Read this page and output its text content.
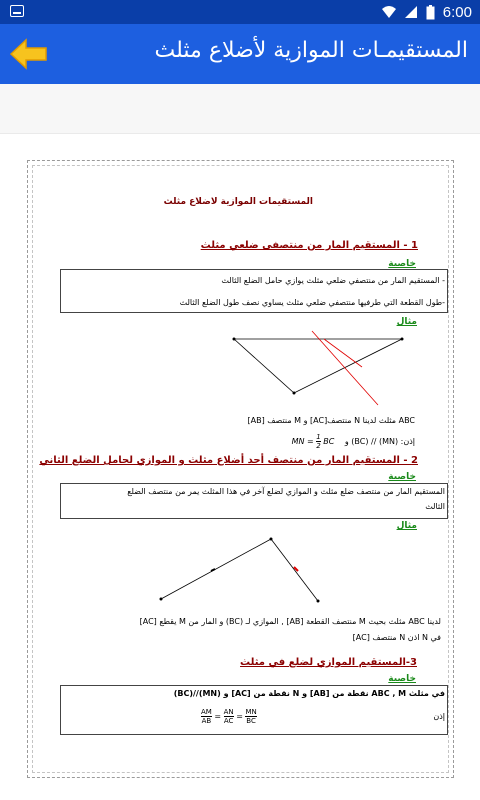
6:00
المستقيمـات الموازية لأضلاع مثلث
المستقيمات الموازية لاضلاع مثلث
1 - المستقيم المار من منتصفى ضلعي مثلث
خاصية
- المستقيم المار من منتصفي ضلعي مثلث يوازي حامل الضلع الثالث
-طول القطعة التي طرفيها منتصفي ضلعي مثلث يساوي نصف طول الضلع الثالث
مثال
ABC مثلث لدينا N منتصف[AC] و M منتصف [AB]
إذن: (MN) // (BC) و MN = $\frac{1}{2}$ BC
2 - المستقيم المار من منتصف أحد أضلاع مثلث و الموازي لحامل الضلع الثاني
خاصية
المستقيم المار من منتصف ضلع مثلث و الموازي لضلع آخر في هذا المثلث يمر من منتصف الضلع
الثالث
مثال
لدينا ABC مثلث بحيث M منتصف القطعة [AB] , الموازي لـ (BC) و المار من M يقطع [AC]
في N اذن N منتصف [AC]
3-المستقيم الموازي لضلع في مثلث
خاصية
في مثلث ABC , M نقطة من [AB] و N نقطة من [AC] و (MN)//(BC)
إذن
$\frac{AM}{AB} = \frac{AN}{AC} = \frac{MN}{BC}$
